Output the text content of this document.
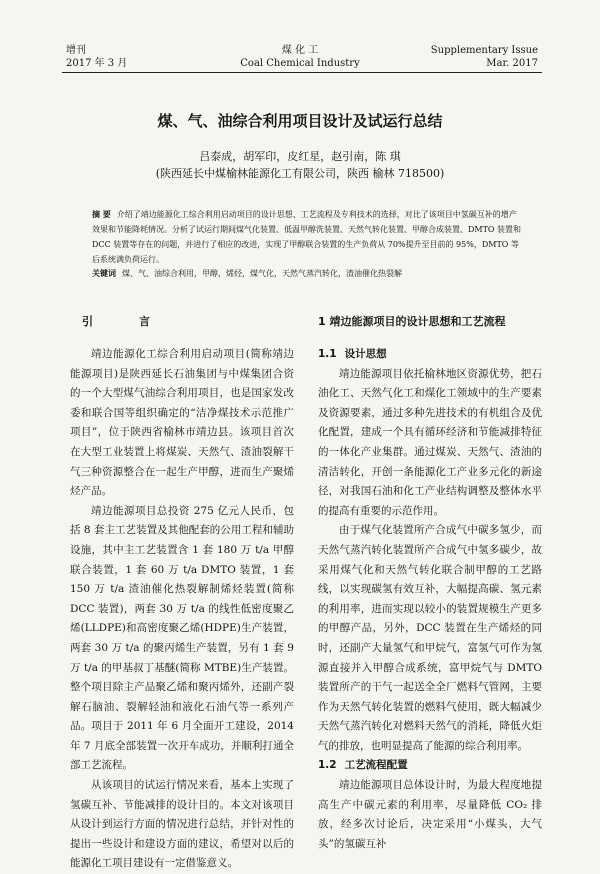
增刊
2017 年 3 月
煤 化 工
Coal Chemical Industry
Supplementary Issue
Mar. 2017
煤、气、油综合利用项目设计及试运行总结
吕泰成，胡军印，皮红星，赵引南，陈 琪
(陕西延长中煤榆林能源化工有限公司，陕西 榆林 718500)
摘 要 介绍了靖边能源化工综合利用启动项目的设计思想、工艺流程及专利技术的选择，对比了该项目中氢碳互补的增产效果和节能降耗情况。分析了试运行期间煤气化装置、低温甲醇洗装置、天然气转化装置、甲醇合成装置、DMTO 装置和 DCC 装置等存在的问题，并进行了相应的改进，实现了甲醇联合装置的生产负荷从 70%提升至目前的 95%，DMTO 等后系统满负荷运行。
关键词 煤、气、油综合利用，甲醇，烯烃，煤气化，天然气蒸汽转化，渣油催化热裂解
引	言

靖边能源化工综合利用启动项目(简称靖边能源项目)是陕西延长石油集团与中煤集团合资的一个大型煤气油综合利用项目，也是国家发改委和联合国等组织确定的“洁净煤技术示范推广项目”，位于陕西省榆林市靖边县。该项目首次在大型工业装置上将煤炭、天然气、渣油裂解干气三种资源整合在一起生产甲醇，进而生产聚烯烃产品。

靖边能源项目总投资 275 亿元人民币，包括 8 套主工艺装置及其他配套的公用工程和辅助设施，其中主工艺装置含 1 套 180 万 t/a 甲醇联合装置，1 套 60 万 t/a DMTO 装置，1 套 150 万 t/a 渣油催化热裂解制烯烃装置(简称 DCC 装置)，两套 30 万 t/a 的线性低密度聚乙烯(LLDPE)和高密度聚乙烯(HDPE)生产装置，两套 30 万 t/a 的聚丙烯生产装置，另有 1 套 9 万 t/a 的甲基叔丁基醚(简称 MTBE)生产装置。整个项目除主产品聚乙烯和聚丙烯外，还副产裂解石脑油、裂解轻油和液化石油气等一系列产品。项目于 2011 年 6 月全面开工建设，2014 年 7 月底全部装置一次开车成功，并顺利打通全部工艺流程。

从该项目的试运行情况来看，基本上实现了氢碳互补、节能减排的设计目的。本文对该项目从设计到运行方面的情况进行总结，并针对性的提出一些设计和建设方面的建议，希望对以后的能源化工项目建设有一定借鉴意义。

1 靖边能源项目的设计思想和工艺流程
1.1 设计思想

靖边能源项目依托榆林地区资源优势，把石油化工、天然气化工和煤化工领域中的生产要素及资源要素，通过多种先进技术的有机组合及优化配置，建成一个具有循环经济和节能减排特征的一体化产业集群。通过煤炭、天然气、渣油的清洁转化，开创一条能源化工产业多元化的新途径，对我国石油和化工产业结构调整及整体水平的提高有重要的示范作用。

由于煤气化装置所产合成气中碳多氢少，而天然气蒸汽转化装置所产合成气中氢多碳少，故采用煤气化和天然气转化联合制甲醇的工艺路线，以实现碳氢有效互补，大幅提高碳、氢元素的利用率，进而实现以较小的装置规模生产更多的甲醇产品，另外，DCC 装置在生产烯烃的同时，还副产大量氢气和甲烷气，富氢气可作为氢源直接并入甲醇合成系统，富甲烷气与 DMTO 装置所产的干气一起送全全厂燃料气管网，主要作为天然气转化装置的燃料气使用，既大幅减少天然气蒸汽转化对燃料天然气的消耗，降低火炬气的排放，也明显提高了能源的综合利用率。

1.2 工艺流程配置

靖边能源项目总体设计时，为最大程度地提高生产中碳元素的利用率，尽量降低 CO₂ 排放，经多次讨论后，决定采用“小煤头，大气头”的氢碳互补
